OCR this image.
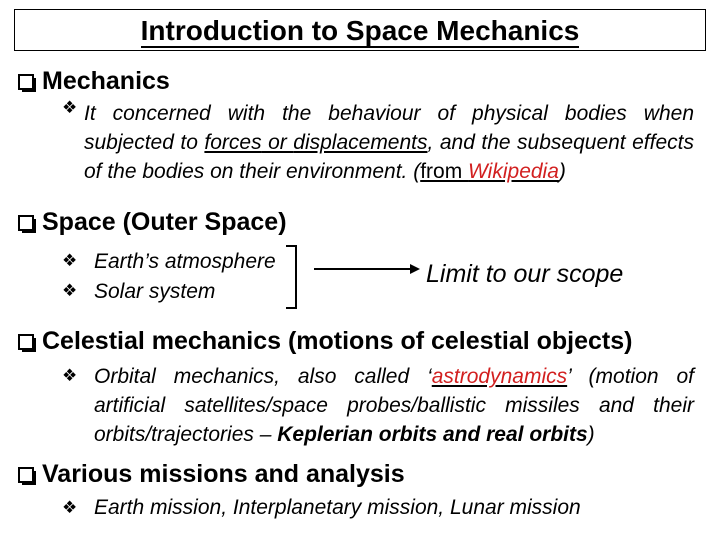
Introduction to Space Mechanics
Mechanics
❖ It concerned with the behaviour of physical bodies when subjected to forces or displacements, and the subsequent effects of the bodies on their environment. (from Wikipedia)
Space (Outer Space)
❖ Earth’s atmosphere
❖ Solar system
Limit to our scope
Celestial mechanics (motions of celestial objects)
❖ Orbital mechanics, also called ‘astrodynamics’ (motion of artificial satellites/space probes/ballistic missiles and their orbits/trajectories – Keplerian orbits and real orbits)
Various missions and analysis
❖ Earth mission, Interplanetary mission, Lunar mission
